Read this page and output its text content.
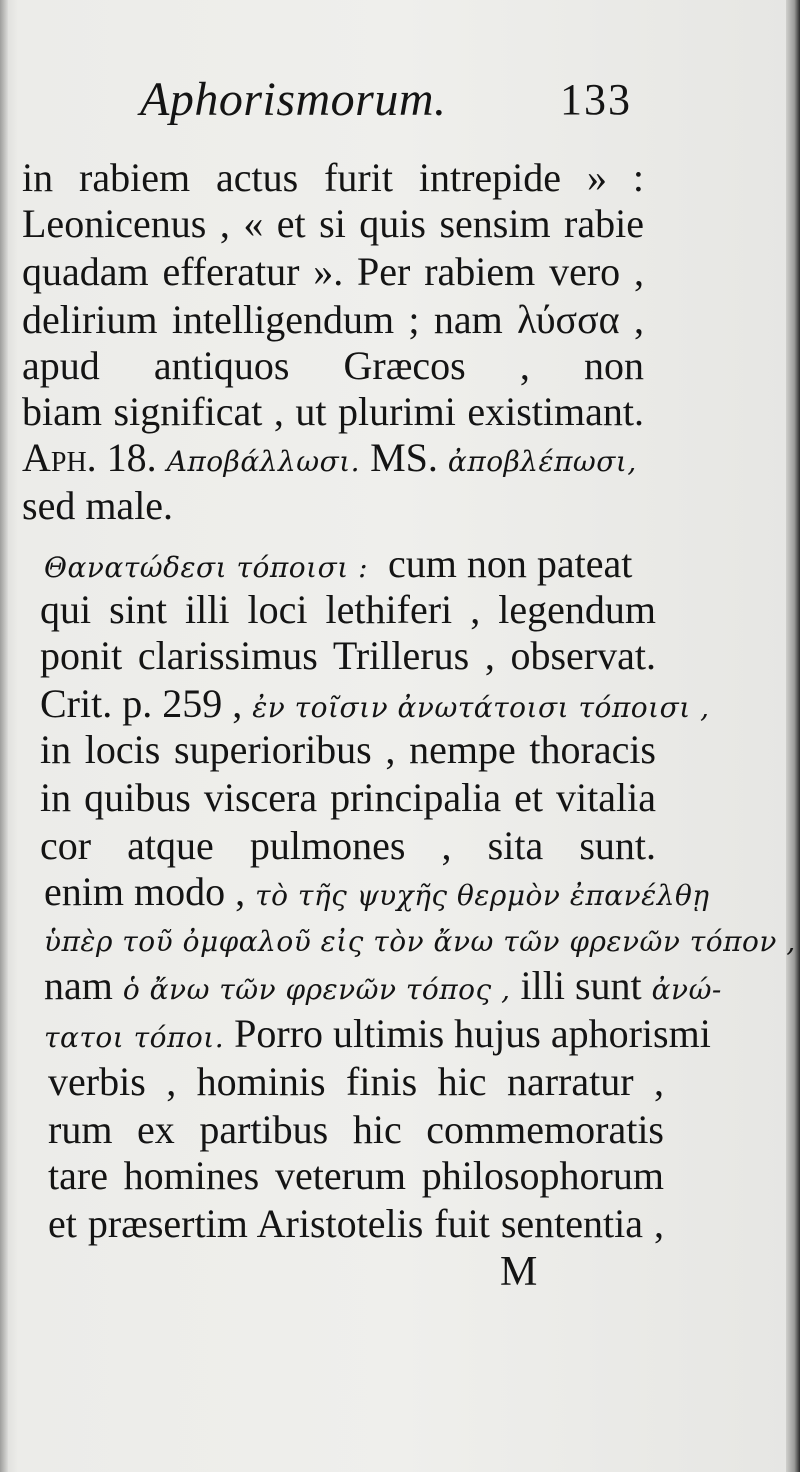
Aphorismorum.	133
in rabiem actus furit intrepide » :
Leonicenus , « et si quis sensim rabie
quadam efferatur ». Per rabiem vero ,
delirium intelligendum ; nam λύσσα ,
apud antiquos Græcos , non
biam significat , ut plurimi existimant.
Aph. 18. Αποβάλλωσι. MS. ἀποβλέπωσι,
sed male.
Θανατώδεσι τόποισι : cum non pateat
qui sint illi loci lethiferi , legendum
ponit clarissimus Trillerus , observat.
Crit. p. 259 , ἐν τοῖσιν ἀνωτάτοισι τόποισι ,
in locis superioribus , nempe thoracis
in quibus viscera principalia et vitalia
cor atque pulmones , sita sunt.
enim modo , τὸ τῆς ψυχῆς θερμὸν ἐπανέλθῃ
ὑπὲρ τοῦ ὀμφαλοῦ εἰς τὸν ἄνω τῶν φρενῶν τόπον ,
nam ὁ ἄνω τῶν φρενῶν τόπος , illi sunt ἀνώ-
τατοι τόποι. Porro ultimis hujus aphorismi
verbis , hominis finis hic narratur ,
rum ex partibus hic commemoratis
tare homines veterum philosophorum
et præsertim Aristotelis fuit sententia ,
M
